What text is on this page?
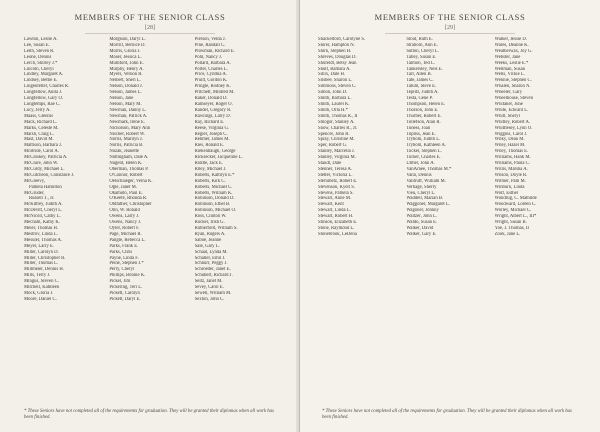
MEMBERS OF THE SENIOR CLASS
[28]
Lawton, Leslie A.
Lee, Susan E.
Leith, Steven R.
Leone, Dennis
Lerch, Shirley J.*
Lincoln, Cheryl
Lindley, Margaret A.
Lindsey, Bettie E.
Lingenfelter, Charles R.
Longfellow, Anita J.
Longfellow, Gary O.
Longtemps, Rae C.
Lucy, Jerry A.
Maass, Glennis
Mack, Richard L.
Marks, Celeste M.
Marsh, Craig L.
Mast, David M.
Mattison, Barbara J.
McBride, Carol A.
McCloskey, Patricia A.
McClure, John W.
McCurdy, Michael L.
McCutcheon, Constance J.
McGreevy,
Pamela Hamilton
McGruder,
Russell T., Jr.
McKittrey, Judith A.
McDevitt, Cheryl L.
McNicoll, Cathy L.
Mecham, Kathy K.
Meier, Thomas H.
Mestrov, Linda L.
Mesuler, Thomas A.
Meyer, Larry E.
Miller, Carolyn D.
Miller, Christopher R.
Miller, Thomas L.
Millmeier, Dennis H.
Mills, Terry J.
Mingus, Steven C.
Mitchell, Kathleen
Mock, Gloria J.
Moore, Daniel C.
Morgison, Daryl L.
Morrill, Bernice D.
Morris, Gloria J.
Moser, Jessica L.
Mumford, John E.
Murphy, Henry A.
Myers, Vernon R.
Neibert, Sheri L.
Nelson, Donald J.
Nelson, James L.
Nelson, Jane
Nelson, Mary M.
Newman, Danny L.
Newman, Patrick A.
Newmark, Irene E.
Nicholson, Mary Ann
Nischer, Robert W.
Norris, Marilyn J.
Norris, Patricia B.
Nozak, Jeanette
Nottingham, Dale A.
Nugent, Helen K.
Oberman, Thomas P.
O'Connor, Robert
Oelschlaeger, Verna K.
Ogle, Janet M.
Okamoto, Paul E.
O'Keefe, Rhonda R.
Oldfather, Christopher
Olin, W. Ronald
Owens, Larry J.
Owens, Nancy J.
Oyler, Robert F.
Page, Michael R.
Pangle, Rebecca L.
Parks, Frank E.
Parks, Chris
Payne, Linda F.
Peine, Stephen J.*
Perry, Cheryl
Phillips, Bonnie K.
Pickel, Jim
Pickering, Teri L.
Pickett, Carolyn
Pickett, Daryl E.
Pierson, Velda J.
Pine, Randall C.
Plowman, Richard E.
Pohl, Nancy J.
Pollard, Barbara A.
Porter, Charles L.
Price, Cynthia A.
Pruitt, Gordon K.
Pringle, Rodney K.
Pritchett, Mildred M.
Raker, Donald D.
Ramseyer, Roger O.
Randel, Gregory R.
Rawlings, Larry D.
Ray, Richard E.
Reese, Virginia G.
Regier, Joseph C.
Rehmer, James M.
Ries, Ronald E.
Riekenbaugh, George
Ricksecker, Jacqueline L.
Riddle, Jack E.
Riley, Michael J.
Roberts, Kathryn E.*
Roberts, Kirk C.
Roberts, Michael C.
Roberts, William K.
Robinson, Donald D.
Robinson, Ethel B.
Robinson, Michael O.
Ross, Clinton W.
Rucker, Irish G.
Rutherford, William S.
Ryan, Rogers A.
Saboe, Jeanne
Sale, Gary L.
Schaal, Lynda M.
Schaller, Emil J.
Schnurr, Peggy J.
Schroeder, Janet E.
Schubert, Richard J.
Seitz, Janet M.
Sevey, Carol E.
Sewell, William M.
Sexton, John C.
* These Seniors have not completed all of the requirements for graduation. They will be granted their diplomas when all work has been finished.
MEMBERS OF THE SENIOR CLASS
[29]
Shackelford, Carolyne S.
Shirer, Hampton N.
Shirk, Stephen H.
Shreves, Douglas D.
Shufeldt, Betsy Jean
Shutt, Barbara A.
Sillix, Dale H.
Silsbee, Sharon L.
Simmons, Steven C.
Simon, John D.
Smith, Barbara L.
Smith, Laurel K.
Smith, Orla H.*
Smith, Thomas R., II
Smogor, Stanley A.
Snow, Charles R., Jr.
Spencer, John R.
Spray, Christine M.
Sper, Robert G.
Stanley, Marcella J.
Stanley, Virginia M.
Staudt, Dale
Stenner, Teresa A.
Stetter, Victoria L.
Sternmetz, Robert E.
Stevenson, Kyell S.
Stevens, Pamela S.
Stewart, Anne M.
Stewart, Kent
Stewart, Linda L.
Stewart, Robert H.
Stinson, Elizabeth E.
Stone, Raymond L.
Stonebrook, LeDena
Stout, Ruth E.
Strahorn, Ann E.
Sutton, Cheryl L.
Talley, Susan E.
Talmon, Ted L.
Tankersley, Nels E.
Tarr, Allen B.
Tate, James C.
Tatum, Steve E.
Teplitz, Judith A.
Testa, Gene P.
Thompson, Helen E.
Thorson, John E.
Thurber, Robert E.
Tollefson, Alan R.
Toness, Joan
Topliss, Jean E.
Trybom, Judith L.
Trybom, Kathleen A.
Tuckel, Stephen L.
Turner, Charles E.
Ulmer, John A.
VanArnee, Thomas M.*
Vann, Dennis
Vantruff, William M.
Verhage, Sherry
Vieu, Cheryl L.
Waddell, Marian B.
Waggoner, Margaret L.
Wagoner, Johnny
Waitzer, John L.
Waldo, Susan E.
Walker, David
Walker, Gary E.
Walker, Jessie D.
Wares, Deanne K.
Weatherwax, Joy G.
Webster, Jane
Weeks, Leslie E.*
Wellman, Susan
Wells, Vickie L.
Wennie, Stephen C.
Whalen, Sharon N.
Wheeler, Gary
Wheelhouse, Steven
Whitaker, June
White, Edward L.
Whitt, Sheryl
Whitley, Robert A.
Whittlesey, Lynn O.
Wiggins, Carol J.
Wilky, Dean M.
Wiley, Hazel M.
Wiley, Thomas E.
Williams, Hank M.
Williams, Paula C.
Willis, Marsha A.
Wilson, Doyle R.
Witmer, Pam M.
Winburn, Linda
Wolf, Esther
Wondrug, C. Mathilde
Woodward, Loreen C.
Worley, Michael C.
Wright, Albert L., III*
Wright, Susan B.
Yoe, J. Thomas, II
Zook, Jane L.
* These Seniors have not completed all of the requirements for graduation. They will be granted their diplomas when all work has been finished.
